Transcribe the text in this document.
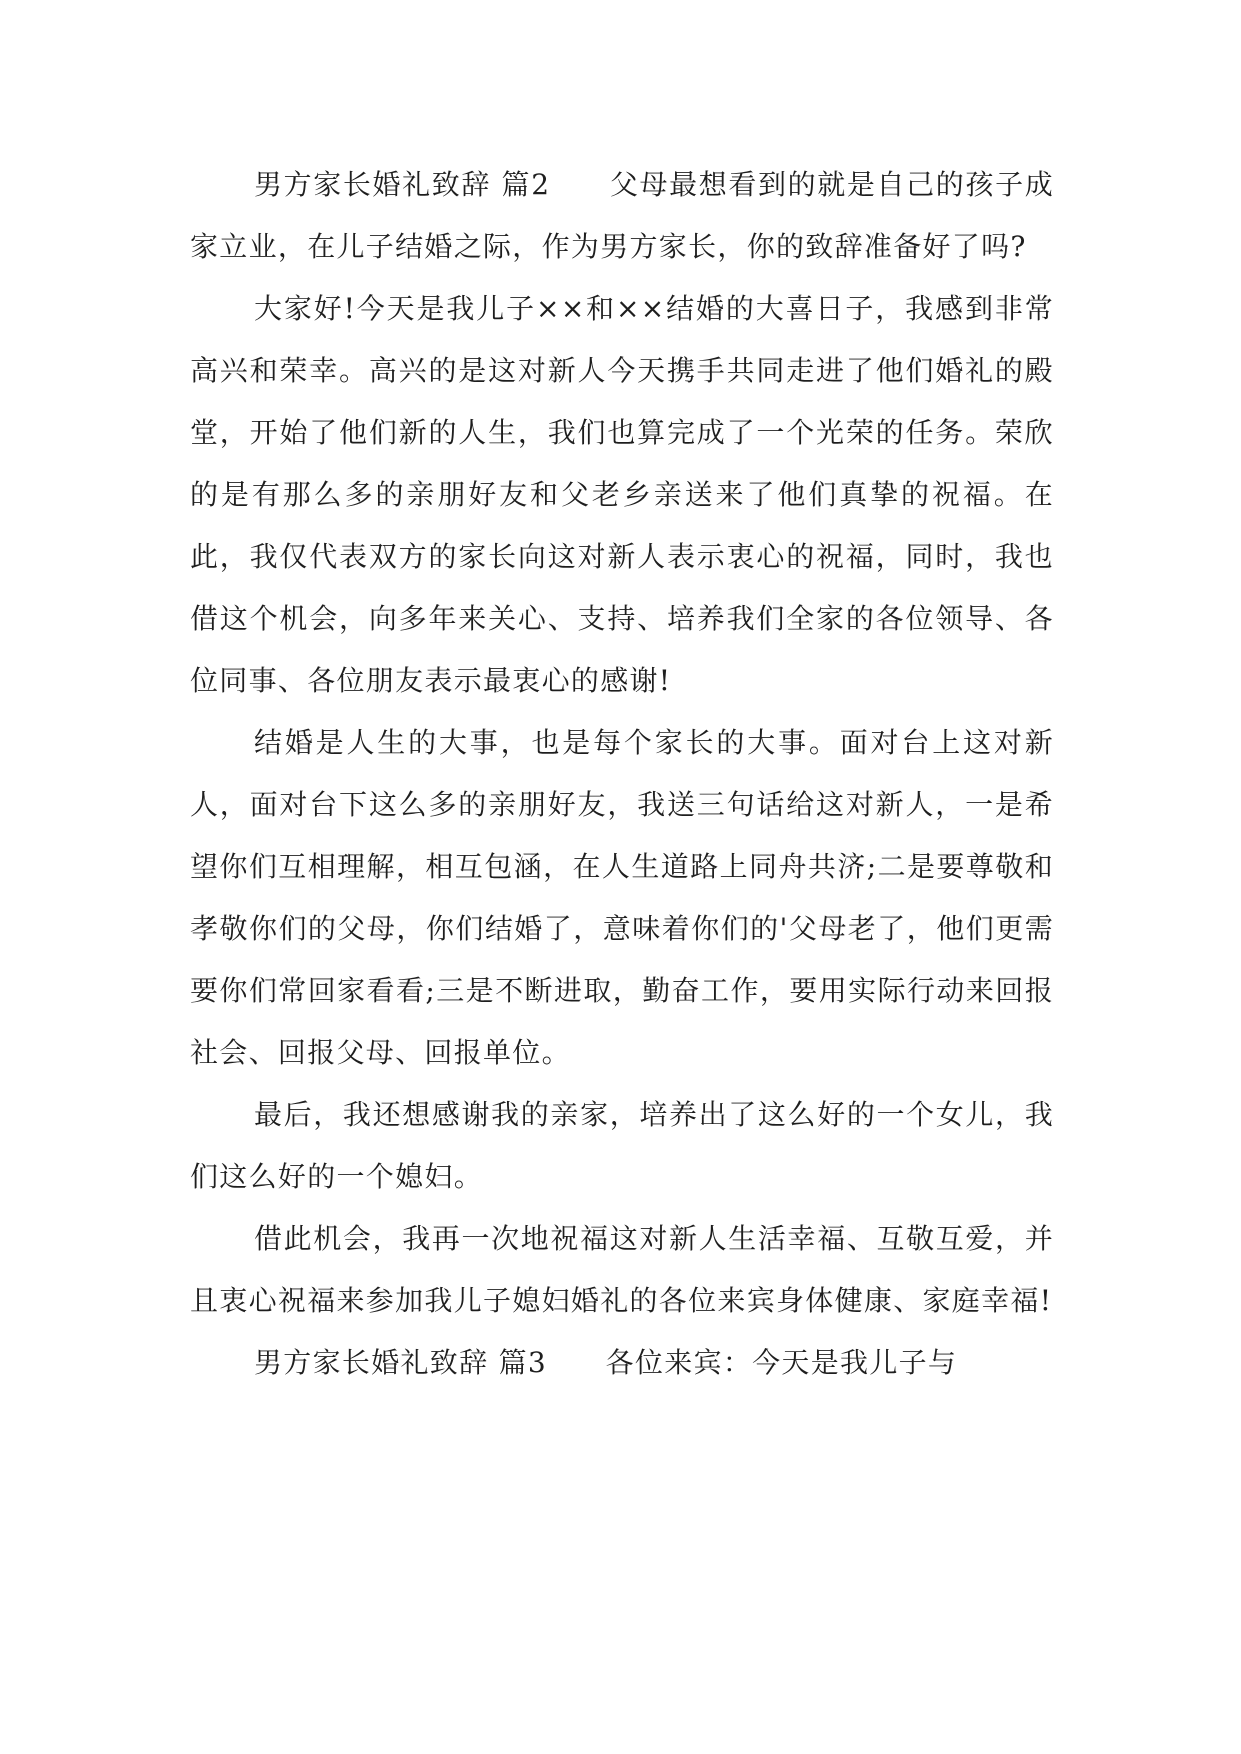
男方家长婚礼致辞 篇2　　父母最想看到的就是自己的孩子成家立业，在儿子结婚之际，作为男方家长，你的致辞准备好了吗?

大家好!今天是我儿子××和××结婚的大喜日子，我感到非常高兴和荣幸。高兴的是这对新人今天携手共同走进了他们婚礼的殿堂，开始了他们新的人生，我们也算完成了一个光荣的任务。荣欣的是有那么多的亲朋好友和父老乡亲送来了他们真挚的祝福。在此，我仅代表双方的家长向这对新人表示衷心的祝福，同时，我也借这个机会，向多年来关心、支持、培养我们全家的各位领导、各位同事、各位朋友表示最衷心的感谢!

结婚是人生的大事，也是每个家长的大事。面对台上这对新人，面对台下这么多的亲朋好友，我送三句话给这对新人，一是希望你们互相理解，相互包涵，在人生道路上同舟共济;二是要尊敬和孝敬你们的父母，你们结婚了，意味着你们的'父母老了，他们更需要你们常回家看看;三是不断进取，勤奋工作，要用实际行动来回报社会、回报父母、回报单位。

最后，我还想感谢我的亲家，培养出了这么好的一个女儿，我们这么好的一个媳妇。

借此机会，我再一次地祝福这对新人生活幸福、互敬互爱，并且衷心祝福来参加我儿子媳妇婚礼的各位来宾身体健康、家庭幸福!

男方家长婚礼致辞 篇3　　各位来宾：今天是我儿子与
